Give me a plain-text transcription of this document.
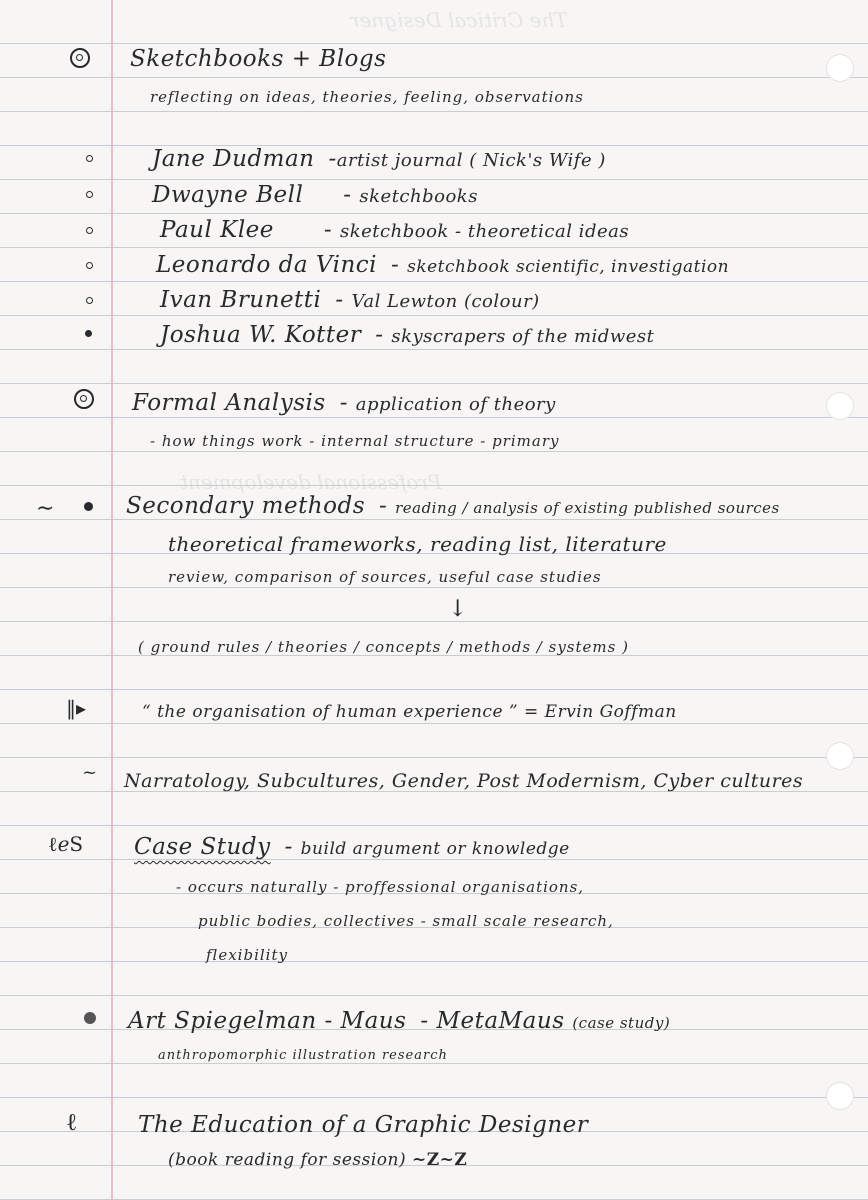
The Critical Designer
Professional development
Sketchbooks + Blogs
reflecting on ideas, theories, feeling, observations
Jane Dudman -artist journal ( Nick's Wife )
Dwayne Bell - sketchbooks
Paul Klee - sketchbook - theoretical ideas
Leonardo da Vinci - sketchbook scientific, investigation
Ivan Brunetti - Val Lewton (colour)
Joshua W. Kotter - skyscrapers of the midwest
Formal Analysis - application of theory
- how things work - internal structure - primary
∼	Secondary methods - reading / analysis of existing published sources
theoretical frameworks, reading list, literature
review, comparison of sources, useful case studies
↓
( ground rules / theories / concepts / methods / systems )
‖▸	“ the organisation of human experience ” = Ervin Goffman
~ Narratology, Subcultures, Gender, Post Modernism, Cyber cultures
ℓℯS Case Study - build argument or knowledge
- occurs naturally - proffessional organisations,
public bodies, collectives - small scale research,
flexibility
Art Spiegelman - Maus - MetaMaus (case study)
anthropomorphic illustration research
ℓ	The Education of a Graphic Designer
(book reading for session) ~Z~Z
